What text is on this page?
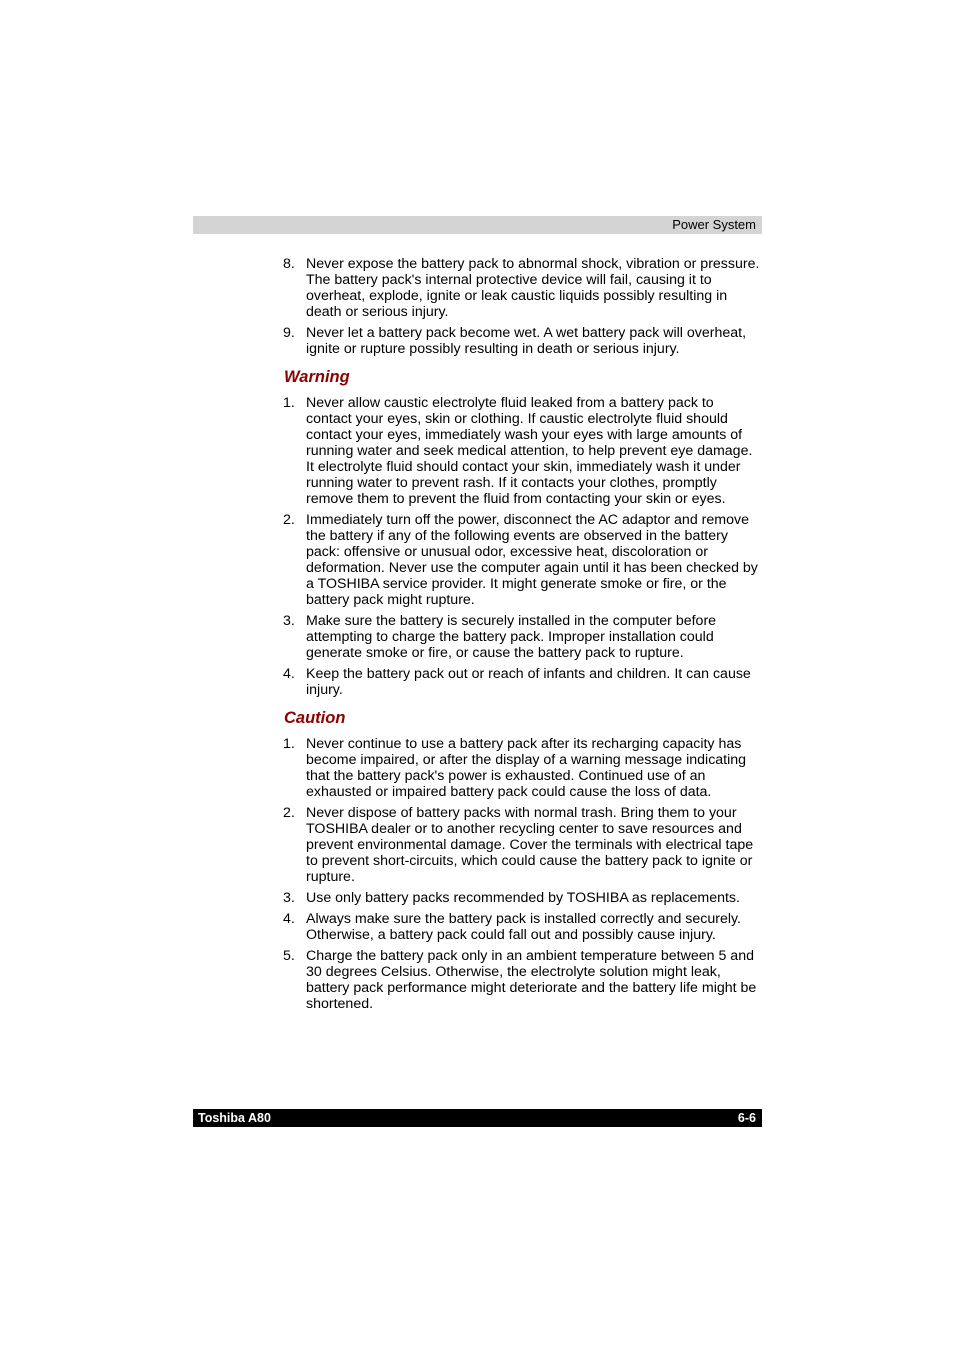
Power System
8. Never expose the battery pack to abnormal shock, vibration or pressure. The battery pack's internal protective device will fail, causing it to overheat, explode, ignite or leak caustic liquids possibly resulting in death or serious injury.
9. Never let a battery pack become wet. A wet battery pack will overheat, ignite or rupture possibly resulting in death or serious injury.
Warning
1. Never allow caustic electrolyte fluid leaked from a battery pack to contact your eyes, skin or clothing. If caustic electrolyte fluid should contact your eyes, immediately wash your eyes with large amounts of running water and seek medical attention, to help prevent eye damage. It electrolyte fluid should contact your skin, immediately wash it under running water to prevent rash. If it contacts your clothes, promptly remove them to prevent the fluid from contacting your skin or eyes.
2. Immediately turn off the power, disconnect the AC adaptor and remove the battery if any of the following events are observed in the battery pack: offensive or unusual odor, excessive heat, discoloration or deformation. Never use the computer again until it has been checked by a TOSHIBA service provider. It might generate smoke or fire, or the battery pack might rupture.
3. Make sure the battery is securely installed in the computer before attempting to charge the battery pack. Improper installation could generate smoke or fire, or cause the battery pack to rupture.
4. Keep the battery pack out or reach of infants and children. It can cause injury.
Caution
1. Never continue to use a battery pack after its recharging capacity has become impaired, or after the display of a warning message indicating that the battery pack's power is exhausted. Continued use of an exhausted or impaired battery pack could cause the loss of data.
2. Never dispose of battery packs with normal trash. Bring them to your TOSHIBA dealer or to another recycling center to save resources and prevent environmental damage. Cover the terminals with electrical tape to prevent short-circuits, which could cause the battery pack to ignite or rupture.
3. Use only battery packs recommended by TOSHIBA as replacements.
4. Always make sure the battery pack is installed correctly and securely. Otherwise, a battery pack could fall out and possibly cause injury.
5. Charge the battery pack only in an ambient temperature between 5 and 30 degrees Celsius. Otherwise, the electrolyte solution might leak, battery pack performance might deteriorate and the battery life might be shortened.
Toshiba A80	6-6
